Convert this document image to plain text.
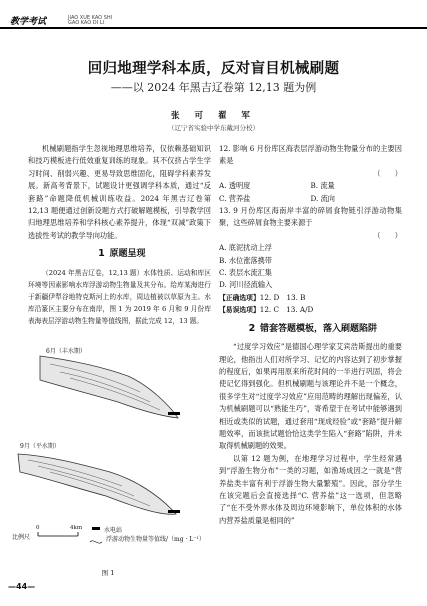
教学考试	JIAO XUE KAO SHI
GAO KAO DI LI
回归地理学科本质，反对盲目机械刷题
——以 2024 年黑吉辽卷第 12,13 题为例
张 可 翟 军
（辽宁省实验中学东戴河分校）

机械刷题指学生忽视地理思维培养，仅依赖基础知识和技巧模板进行低效重复训练的现象。其不仅挤占学生学习时间、削弱兴趣、更易导致思维固化，阻碍学科素养发展。新高考背景下，试题设计更强调学科本质，通过“反套路”命题降低机械训练收益。2024 年黑吉辽卷第 12,13 题便通过创新设题方式打破解题模板，引导教学回归地理思维培养和学科核心素养提升，体现“双减”政策下选拔性考试的教学导向功能。

1 原题呈现

（2024 年黑吉辽卷，12,13 题）水体性质、运动和库区环境等因素影响水库浮游动物生物量及其分布。给库某海进行于新疆伊犁谷地特克斯河上的水库，周边植被以草原为主。水库沿篆区主要分布在南岸，图 1 为 2019 年 6 月和 9 月份库表海表层浮游动物生物量等值线图，据此完成 12，13 题。

6月（丰水期）
9月（平水期）
比例尺
0	4km	水电站
浮游动物生物量等值线/（mg · L⁻¹）
图 1
12. 影响 6 月份库区海表层浮游动物生物量分布的主要因素是
（　　）
A. 透明度	B. 流量
C. 营养盐	D. 流向
13. 9 月份库区海南岸丰富的碎屑食物链引浮游动物集聚，这些碎屑食物主要来源于
（　　）
A. 底泥扰动上浮
B. 水位涨落携带
C. 表层水流汇集
D. 河川径流输入
【正确选项】12. D　13. B
【易误选项】12. C　13. A/D
2 错套答题模板，落入刷题陷阱

“过度学习效应”是德国心理学家艾宾浩斯提出的重要理论，他指出人们对所学习、记忆的内容达到了初步掌握的程度后，如果再用原来所花时间的一半进行巩固，将会使记忆得到强化。但机械刷题与该理论并不是一个概念，很多学生对“过度学习效应”应用范畴的理解出现偏差，认为机械刷题可以“熟能生巧”，寄希望于在考试中能够遇到相近或类似的试题，通过套用“现成经验”或“套路”提升解题效率，而该批试题恰恰这类学生陷入“套路”陷阱，并未取得机械刷题的效果。

以第 12 题为例，在地理学习过程中，学生经常遇到“浮游生物分布”一类的习题，如渔场成因之一就是“营养盐类丰富有利于浮游生物大量繁殖”。因此，部分学生在该完题后会直接选择“C. 营养盐”这一选项，但忽略了“在不受外界水体及周边环境影响下，单位体积的水体内营养盐质量是相同的”

—44—
